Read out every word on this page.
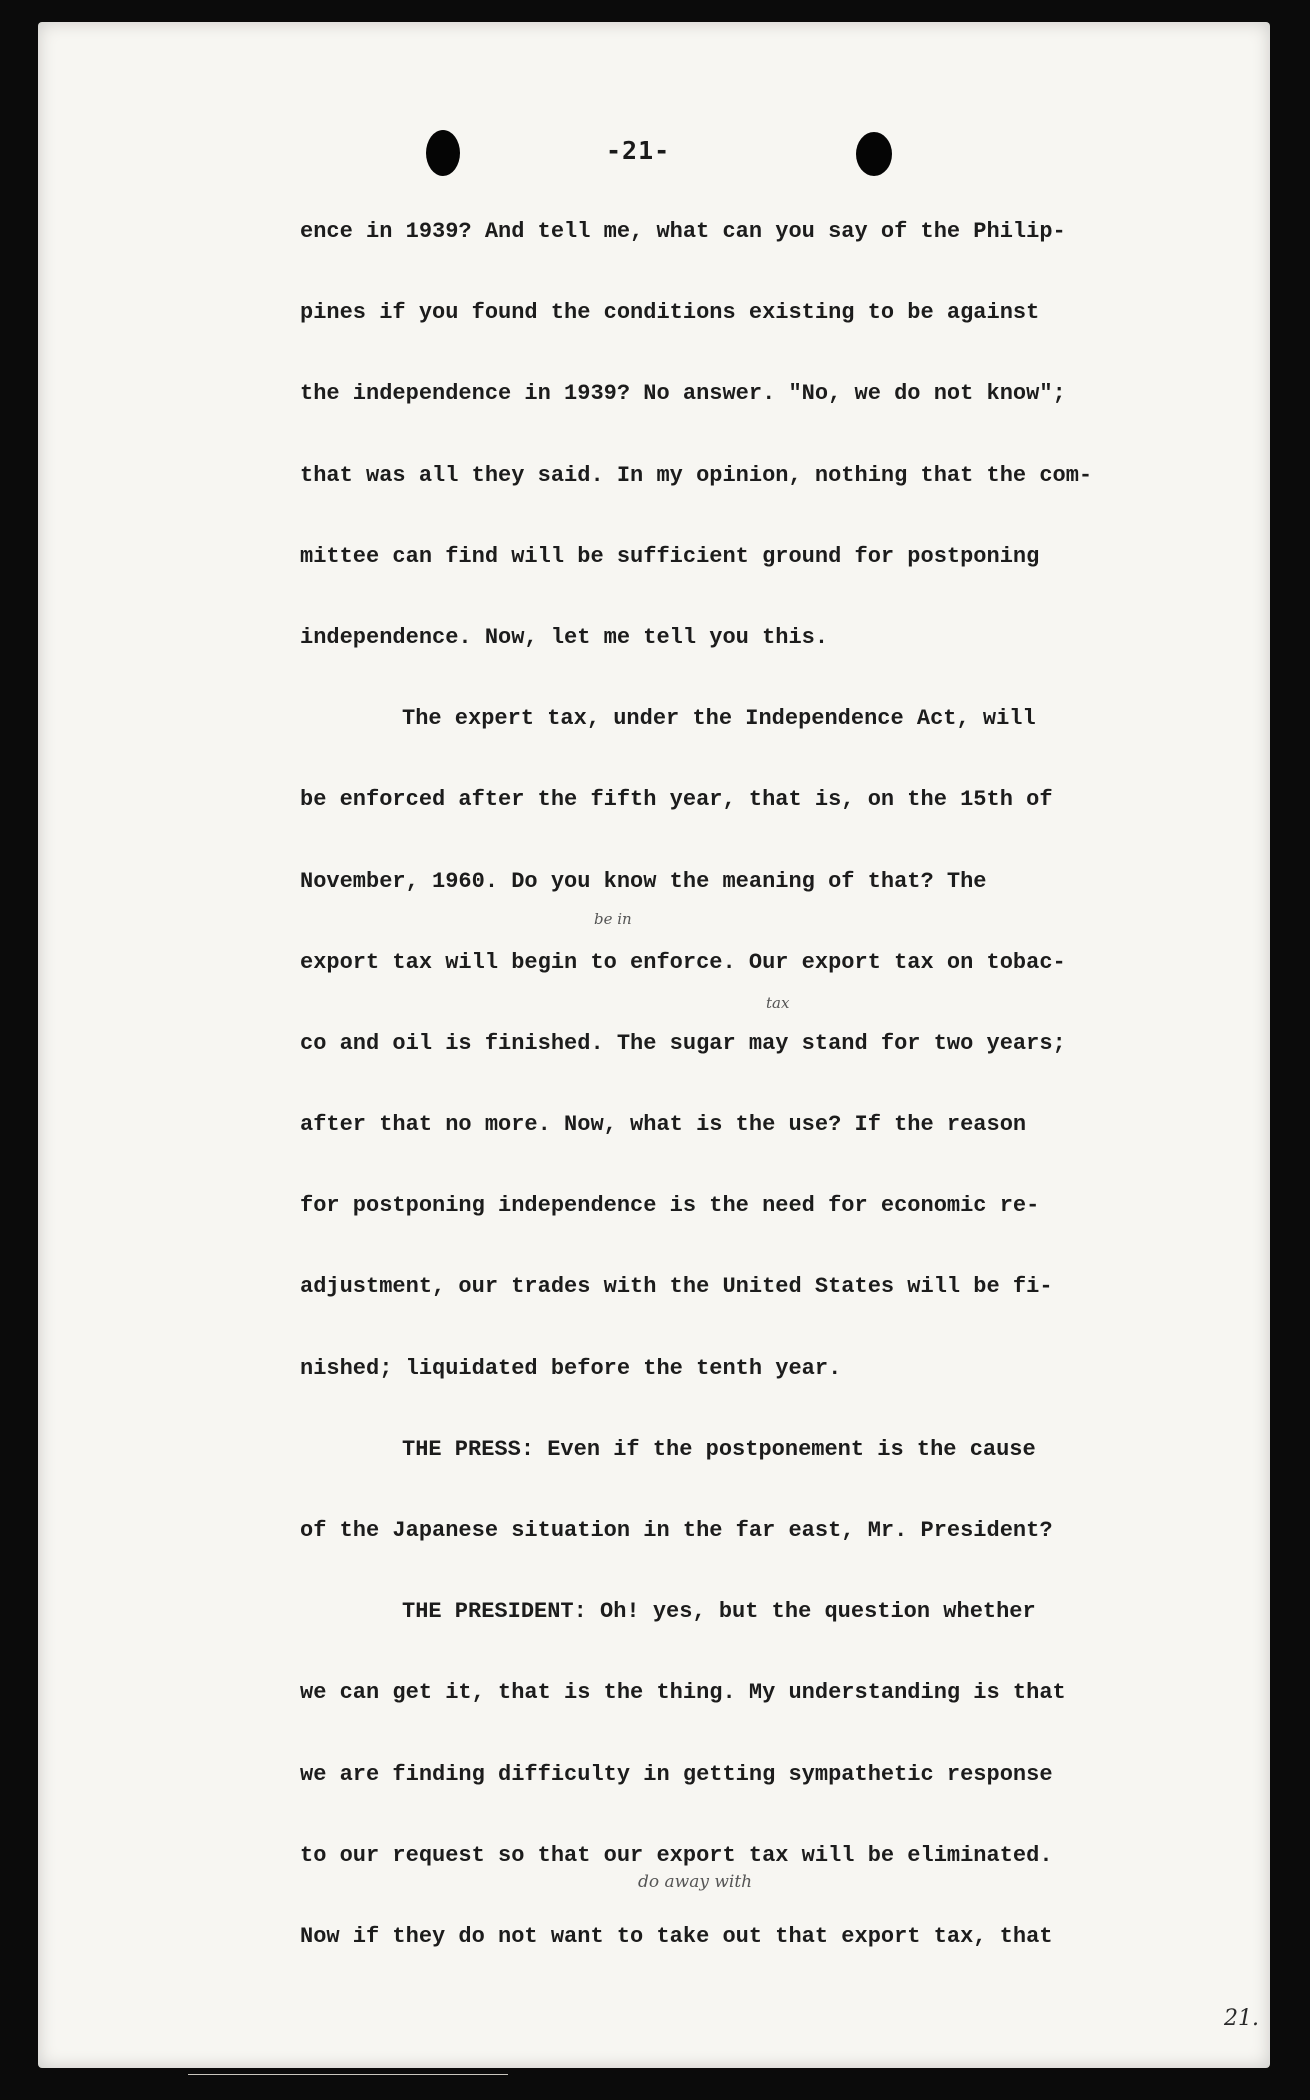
-21-
ence in 1939? And tell me, what can you say of the Philip-
pines if you found the conditions existing to be against
the independence in 1939? No answer. "No, we do not know";
that was all they said. In my opinion, nothing that the com-
mittee can find will be sufficient ground for postponing
independence. Now, let me tell you this.
The expert tax, under the Independence Act, will
be enforced after the fifth year, that is, on the 15th of
November, 1960. Do you know the meaning of that? The
export tax will begin to enforce. Our export tax on tobac-
co and oil is finished. The sugar may stand for two years;
after that no more. Now, what is the use? If the reason
for postponing independence is the need for economic re-
adjustment, our trades with the United States will be fi-
nished; liquidated before the tenth year.
THE PRESS: Even if the postponement is the cause
of the Japanese situation in the far east, Mr. President?
THE PRESIDENT: Oh! yes, but the question whether
we can get it, that is the thing. My understanding is that
we are finding difficulty in getting sympathetic response
to our request so that our export tax will be eliminated.
Now if they do not want to take out that export tax, that
be in
tax
do away with
21.
